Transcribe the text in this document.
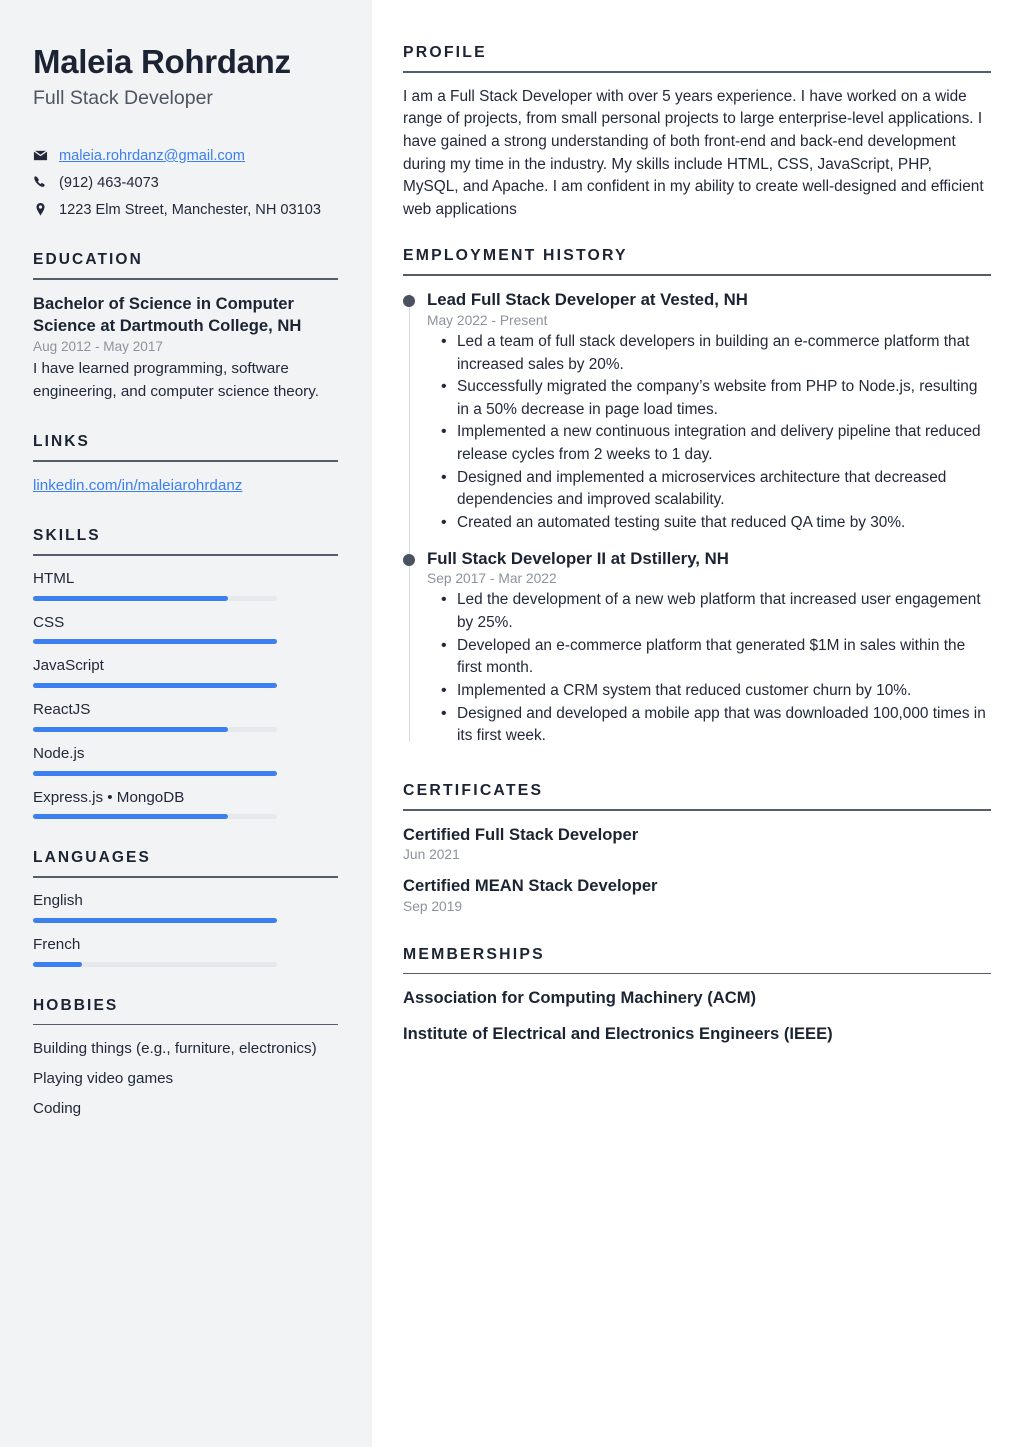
Maleia Rohrdanz
Full Stack Developer
maleia.rohrdanz@gmail.com
(912) 463-4073
1223 Elm Street, Manchester, NH 03103
EDUCATION
Bachelor of Science in Computer Science at Dartmouth College, NH
Aug 2012 - May 2017
I have learned programming, software engineering, and computer science theory.
LINKS
linkedin.com/in/maleiarohrdanz
SKILLS
HTML
CSS
JavaScript
ReactJS
Node.js
Express.js • MongoDB
LANGUAGES
English
French
HOBBIES
Building things (e.g., furniture, electronics)
Playing video games
Coding
PROFILE

I am a Full Stack Developer with over 5 years experience. I have worked on a wide range of projects, from small personal projects to large enterprise-level applications. I have gained a strong understanding of both front-end and back-end development during my time in the industry. My skills include HTML, CSS, JavaScript, PHP, MySQL, and Apache. I am confident in my ability to create well-designed and efficient web applications

EMPLOYMENT HISTORY
Lead Full Stack Developer at Vested, NH
May 2022 - Present
• Led a team of full stack developers in building an e-commerce platform that increased sales by 20%.
• Successfully migrated the company’s website from PHP to Node.js, resulting in a 50% decrease in page load times.
• Implemented a new continuous integration and delivery pipeline that reduced release cycles from 2 weeks to 1 day.
• Designed and implemented a microservices architecture that decreased dependencies and improved scalability.
• Created an automated testing suite that reduced QA time by 30%.
Full Stack Developer II at Dstillery, NH
Sep 2017 - Mar 2022
• Led the development of a new web platform that increased user engagement by 25%.
• Developed an e-commerce platform that generated $1M in sales within the first month.
• Implemented a CRM system that reduced customer churn by 10%.
• Designed and developed a mobile app that was downloaded 100,000 times in its first week.
CERTIFICATES
Certified Full Stack Developer
Jun 2021
Certified MEAN Stack Developer
Sep 2019
MEMBERSHIPS
Association for Computing Machinery (ACM)
Institute of Electrical and Electronics Engineers (IEEE)
